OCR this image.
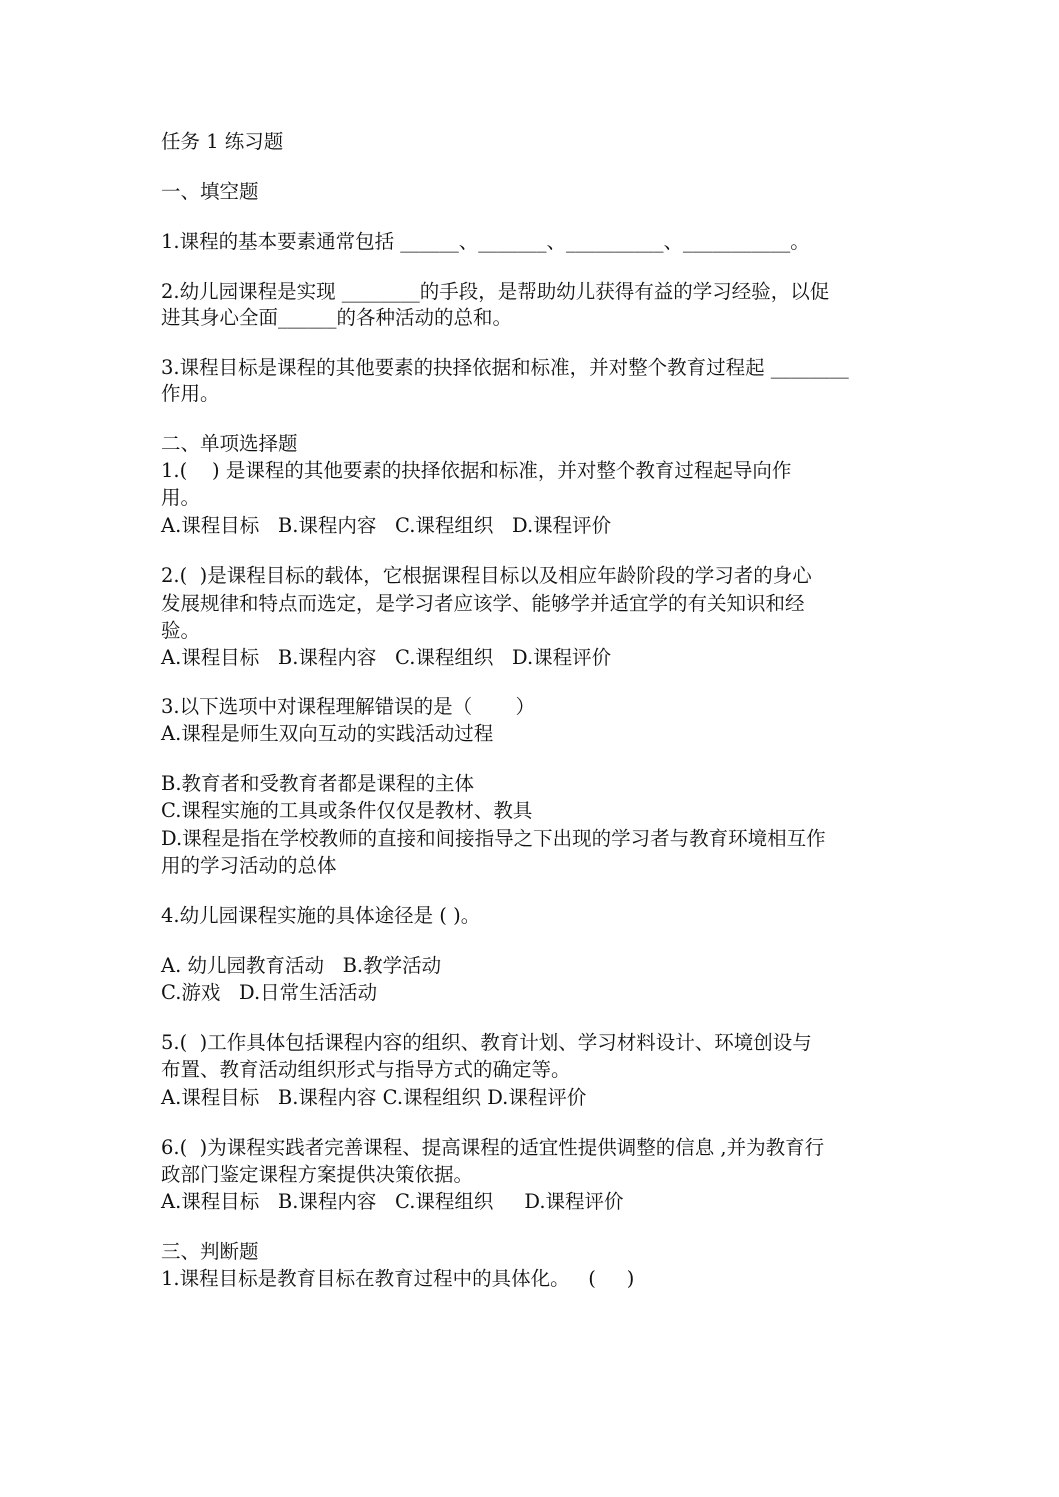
任务 1 练习题

一、填空题

1.课程的基本要素通常包括 ______、_______、__________、___________。

2.幼儿园课程是实现 ________的手段，是帮助幼儿获得有益的学习经验，以促

进其身心全面______的各种活动的总和。

3.课程目标是课程的其他要素的抉择依据和标准，并对整个教育过程起 ________

作用。

二、单项选择题

1.(    ) 是课程的其他要素的抉择依据和标准，并对整个教育过程起导向作

用。

A.课程目标   B.课程内容   C.课程组织   D.课程评价

2.(  )是课程目标的载体，它根据课程目标以及相应年龄阶段的学习者的身心

发展规律和特点而选定，是学习者应该学、能够学并适宜学的有关知识和经

验。

A.课程目标   B.课程内容   C.课程组织   D.课程评价

3.以下选项中对课程理解错误的是（       ）

A.课程是师生双向互动的实践活动过程

B.教育者和受教育者都是课程的主体

C.课程实施的工具或条件仅仅是教材、教具

D.课程是指在学校教师的直接和间接指导之下出现的学习者与教育环境相互作

用的学习活动的总体

4.幼儿园课程实施的具体途径是 ( )。

A. 幼儿园教育活动   B.教学活动

C.游戏   D.日常生活活动

5.(  )工作具体包括课程内容的组织、教育计划、学习材料设计、环境创设与

布置、教育活动组织形式与指导方式的确定等。

A.课程目标   B.课程内容 C.课程组织 D.课程评价

6.(  )为课程实践者完善课程、提高课程的适宜性提供调整的信息 ,并为教育行

政部门鉴定课程方案提供决策依据。

A.课程目标   B.课程内容   C.课程组织     D.课程评价

三、判断题

1.课程目标是教育目标在教育过程中的具体化。   (     )
